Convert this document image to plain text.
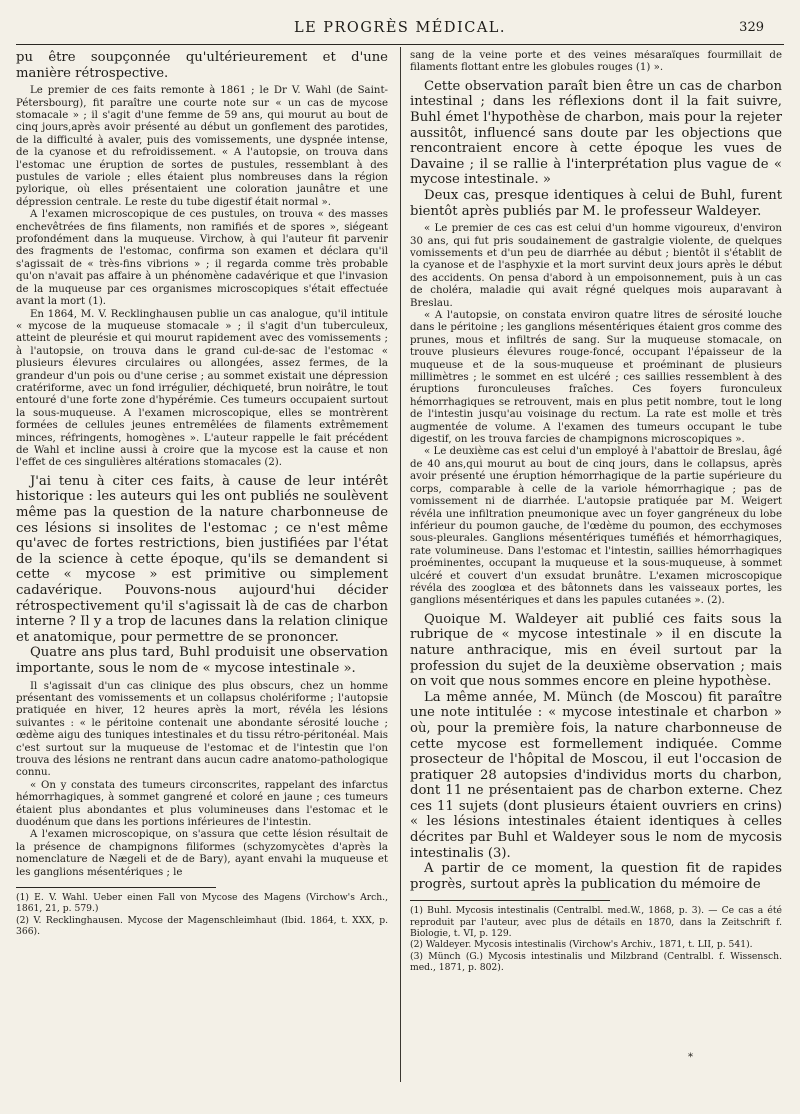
LE PROGRÈS MÉDICAL.	329

pu être soupçonnée qu'ultérieurement et d'une manière rétrospective.

Le premier de ces faits remonte à 1861 ; le Dr V. Wahl (de Saint-Pétersbourg), fit paraître une courte note sur « un cas de mycose stomacale » ; il s'agit d'une femme de 59 ans, qui mourut au bout de cinq jours,après avoir présenté au début un gonflement des parotides, de la difficulté à avaler, puis des vomissements, une dyspnée intense, de la cyanose et du refroidissement. « A l'autopsie, on trouva dans l'estomac une éruption de sortes de pustules, ressemblant à des pustules de variole ; elles étaient plus nombreuses dans la région pylorique, où elles présentaient une coloration jaunâtre et une dépression centrale. Le reste du tube digestif était normal ».

A l'examen microscopique de ces pustules, on trouva « des masses enchevêtrées de fins filaments, non ramifiés et de spores », siégeant profondément dans la muqueuse. Virchow, à qui l'auteur fit parvenir des fragments de l'estomac, confirma son examen et déclara qu'il s'agissait de « très-fins vibrions » ; il regarda comme très probable qu'on n'avait pas affaire à un phénomène cadavérique et que l'invasion de la muqueuse par ces organismes microscopiques s'était effectuée avant la mort (1).

En 1864, M. V. Recklinghausen publie un cas analogue, qu'il intitule « mycose de la muqueuse stomacale » ; il s'agit d'un tuberculeux, atteint de pleurésie et qui mourut rapidement avec des vomissements ; à l'autopsie, on trouva dans le grand cul-de-sac de l'estomac « plusieurs élevures circulaires ou allongées, assez fermes, de la grandeur d'un pois ou d'une cerise ; au sommet existait une dépression cratériforme, avec un fond irrégulier, déchiqueté, brun noirâtre, le tout entouré d'une forte zone d'hypérémie. Ces tumeurs occupaient surtout la sous-muqueuse. A l'examen microscopique, elles se montrèrent formées de cellules jeunes entremêlées de filaments extrêmement minces, réfringents, homogènes ». L'auteur rappelle le fait précédent de Wahl et incline aussi à croire que la mycose est la cause et non l'effet de ces singulières altérations stomacales (2).

J'ai tenu à citer ces faits, à cause de leur intérêt historique : les auteurs qui les ont publiés ne soulèvent même pas la question de la nature charbonneuse de ces lésions si insolites de l'estomac ; ce n'est même qu'avec de fortes restrictions, bien justifiées par l'état de la science à cette époque, qu'ils se demandent si cette « mycose » est primitive ou simplement cadavérique. Pouvons-nous aujourd'hui décider rétrospectivement qu'il s'agissait là de cas de charbon interne ? Il y a trop de lacunes dans la relation clinique et anatomique, pour permettre de se prononcer.

Quatre ans plus tard, Buhl produisit une observation importante, sous le nom de « mycose intestinale ».

Il s'agissait d'un cas clinique des plus obscurs, chez un homme présentant des vomissements et un collapsus cholériforme ; l'autopsie pratiquée en hiver, 12 heures après la mort, révéla les lésions suivantes : « le péritoine contenait une abondante sérosité louche ; œdème aigu des tuniques intestinales et du tissu rétro-péritonéal. Mais c'est surtout sur la muqueuse de l'estomac et de l'intestin que l'on trouva des lésions ne rentrant dans aucun cadre anatomo-pathologique connu.

« On y constata des tumeurs circonscrites, rappelant des infarctus hémorrhagiques, à sommet gangrené et coloré en jaune ; ces tumeurs étaient plus abondantes et plus volumineuses dans l'estomac et le duodénum que dans les portions inférieures de l'intestin.

A l'examen microscopique, on s'assura que cette lésion résultait de la présence de champignons filiformes (schyzomycètes d'après la nomenclature de Nægeli et de de Bary), ayant envahi la muqueuse et les ganglions mésentériques ; le

(1) E. V. Wahl. Ueber einen Fall von Mycose des Magens (Virchow's Arch., 1861, 21, p. 579.)

(2) V. Recklinghausen. Mycose der Magenschleimhaut (Ibid. 1864, t. XXX, p. 366).

sang de la veine porte et des veines mésaraïques fourmillait de filaments flottant entre les globules rouges (1) ».

Cette observation paraît bien être un cas de charbon intestinal ; dans les réflexions dont il la fait suivre, Buhl émet l'hypothèse de charbon, mais pour la rejeter aussitôt, influencé sans doute par les objections que rencontraient encore à cette époque les vues de Davaine ; il se rallie à l'interprétation plus vague de « mycose intestinale. »

Deux cas, presque identiques à celui de Buhl, furent bientôt après publiés par M. le professeur Waldeyer.

« Le premier de ces cas est celui d'un homme vigoureux, d'environ 30 ans, qui fut pris soudainement de gastralgie violente, de quelques vomissements et d'un peu de diarrhée au début ; bientôt il s'établit de la cyanose et de l'asphyxie et la mort survint deux jours après le début des accidents. On pensa d'abord à un empoisonnement, puis à un cas de choléra, maladie qui avait régné quelques mois auparavant à Breslau.

« A l'autopsie, on constata environ quatre litres de sérosité louche dans le péritoine ; les ganglions mésentériques étaient gros comme des prunes, mous et infiltrés de sang. Sur la muqueuse stomacale, on trouve plusieurs élevures rouge-foncé, occupant l'épaisseur de la muqueuse et de la sous-muqueuse et proéminant de plusieurs millimètres ; le sommet en est ulcéré ; ces saillies ressemblent à des éruptions furonculeuses fraîches. Ces foyers furonculeux hémorrhagiques se retrouvent, mais en plus petit nombre, tout le long de l'intestin jusqu'au voisinage du rectum. La rate est molle et très augmentée de volume. A l'examen des tumeurs occupant le tube digestif, on les trouva farcies de champignons microscopiques ».

« Le deuxième cas est celui d'un employé à l'abattoir de Breslau, âgé de 40 ans,qui mourut au bout de cinq jours, dans le collapsus, après avoir présenté une éruption hémorrhagique de la partie supérieure du corps, comparable à celle de la variole hémorrhagique ; pas de vomissement ni de diarrhée. L'autopsie pratiquée par M. Weigert révéla une infiltration pneumonique avec un foyer gangréneux du lobe inférieur du poumon gauche, de l'œdème du poumon, des ecchymoses sous-pleurales. Ganglions mésentériques tuméfiés et hémorrhagiques, rate volumineuse. Dans l'estomac et l'intestin, saillies hémorrhagiques proéminentes, occupant la muqueuse et la sous-muqueuse, à sommet ulcéré et couvert d'un exsudat brunâtre. L'examen microscopique révéla des zooglœa et des bâtonnets dans les vaisseaux portes, les ganglions mésentériques et dans les papules cutanées ». (2).

Quoique M. Waldeyer ait publié ces faits sous la rubrique de « mycose intestinale » il en discute la nature anthracique, mis en éveil surtout par la profession du sujet de la deuxième observation ; mais on voit que nous sommes encore en pleine hypothèse.

La même année, M. Münch (de Moscou) fit paraître une note intitulée : « mycose intestinale et charbon » où, pour la première fois, la nature charbonneuse de cette mycose est formellement indiquée. Comme prosecteur de l'hôpital de Moscou, il eut l'occasion de pratiquer 28 autopsies d'individus morts du charbon, dont 11 ne présentaient pas de charbon externe. Chez ces 11 sujets (dont plusieurs étaient ouvriers en crins) « les lésions intestinales étaient identiques à celles décrites par Buhl et Waldeyer sous le nom de mycosis intestinalis (3).

A partir de ce moment, la question fit de rapides progrès, surtout après la publication du mémoire de

(1) Buhl. Mycosis intestinalis (Centralbl. med.W., 1868, p. 3). — Ce cas a été reproduit par l'auteur, avec plus de détails en 1870, dans la Zeitschrift f. Biologie, t. VI, p. 129.

(2) Waldeyer. Mycosis intestinalis (Virchow's Archiv., 1871, t. LII, p. 541).

(3) Münch (G.) Mycosis intestinalis und Milzbrand (Centralbl. f. Wissensch. med., 1871, p. 802).

*
